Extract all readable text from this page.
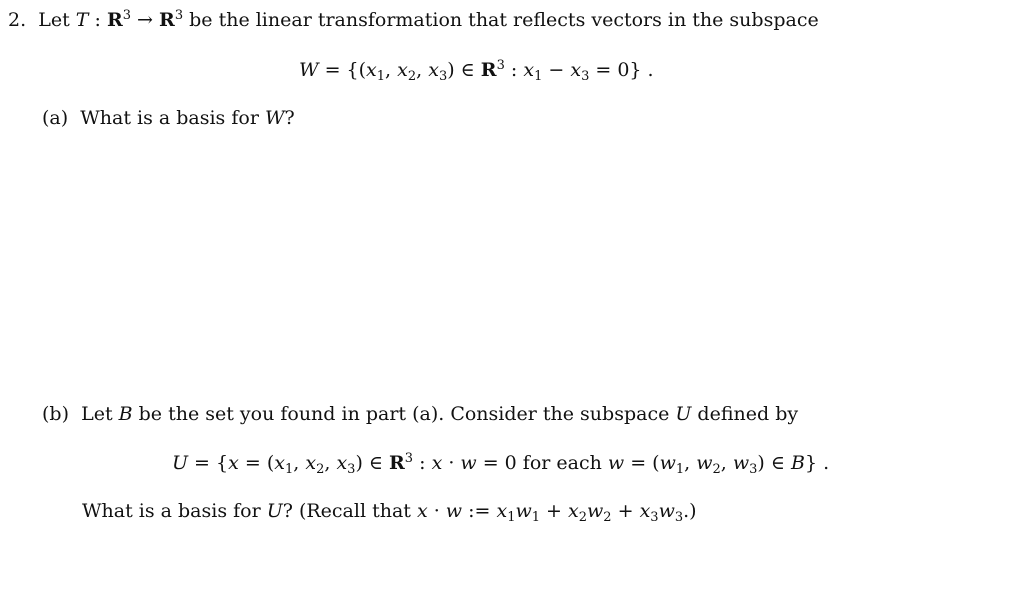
2.  Let T : $R^3 \to R^3$ be the linear transformation that reflects vectors in the subspace
$W = \{(x_1$, $x_2$, $x_3$) ∈ $R^3$ : $x_1 - x_3 = 0$} .
(a)  What is a basis for W?
(b)  Let B be the set you found in part (a). Consider the subspace U defined by
$U = \{x = (x_1$, $x_2$, $x_3$) ∈ $R^3$ : x · w = 0 for each $w = (w_1$, $w_2$, $w_3$) ∈ B} .
What is a basis for U? (Recall that x · w := $x_1w_1 + x_2w_2 + x_3w_3$.)
